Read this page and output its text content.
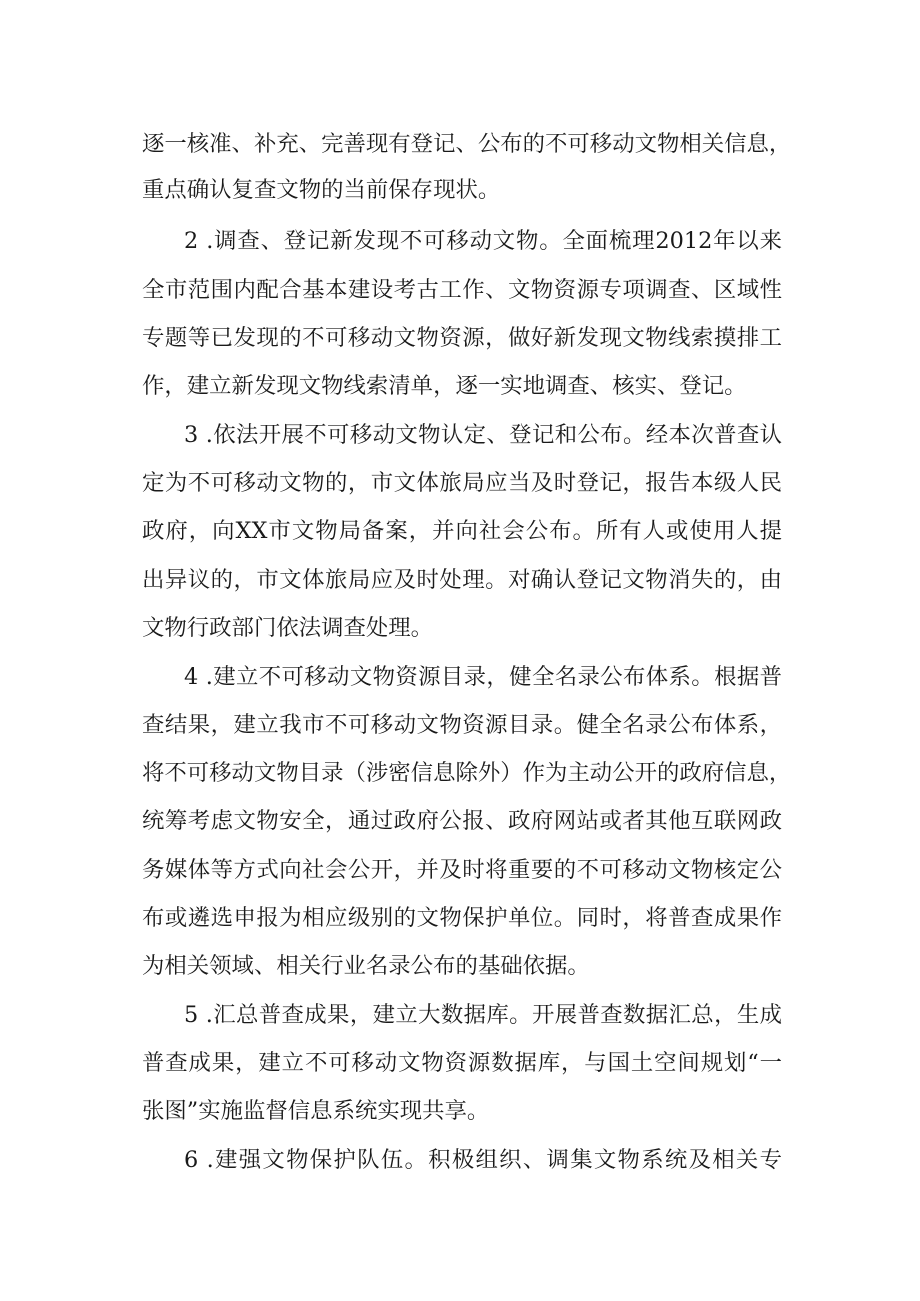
逐一核准、补充、完善现有登记、公布的不可移动文物相关信息，
重点确认复查文物的当前保存现状。
2 .调查、登记新发现不可移动文物。全面梳理2012年以来
全市范围内配合基本建设考古工作、文物资源专项调查、区域性
专题等已发现的不可移动文物资源，做好新发现文物线索摸排工
作，建立新发现文物线索清单，逐一实地调查、核实、登记。
3 .依法开展不可移动文物认定、登记和公布。经本次普查认
定为不可移动文物的，市文体旅局应当及时登记，报告本级人民
政府，向XX市文物局备案，并向社会公布。所有人或使用人提
出异议的，市文体旅局应及时处理。对确认登记文物消失的，由
文物行政部门依法调查处理。
4 .建立不可移动文物资源目录，健全名录公布体系。根据普
查结果，建立我市不可移动文物资源目录。健全名录公布体系，
将不可移动文物目录（涉密信息除外）作为主动公开的政府信息，
统筹考虑文物安全，通过政府公报、政府网站或者其他互联网政
务媒体等方式向社会公开，并及时将重要的不可移动文物核定公
布或遴选申报为相应级别的文物保护单位。同时，将普查成果作
为相关领域、相关行业名录公布的基础依据。
5 .汇总普查成果，建立大数据库。开展普查数据汇总，生成
普查成果，建立不可移动文物资源数据库，与国土空间规划“一
张图”实施监督信息系统实现共享。
6 .建强文物保护队伍。积极组织、调集文物系统及相关专
